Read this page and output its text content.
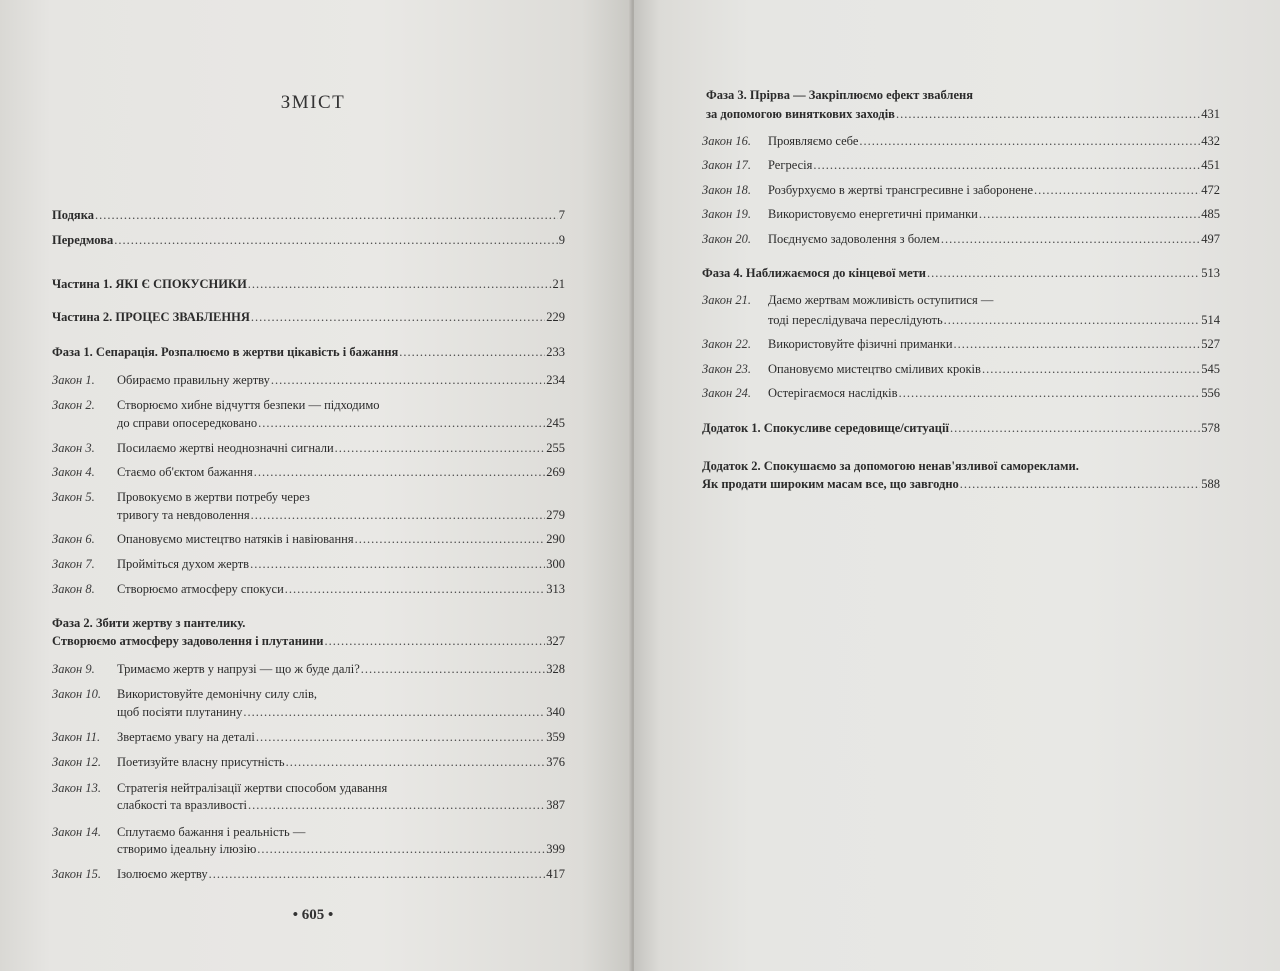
ЗМІСТ
Подяка .....	7
Передмова .....	9
Частина 1. ЯКІ Є СПОКУСНИКИ .....	21
Частина 2. ПРОЦЕС ЗВАБЛЕННЯ .....	229
Фаза 1. Сепарація. Розпалюємо в жертви цікавість і бажання .....	233
Закон 1.	Обираємо правильну жертву .....	234
Закон 2.	Створюємо хибне відчуття безпеки — підходимо
до справи опосередковано .....	245
Закон 3.	Посилаємо жертві неоднозначні сигнали .....	255
Закон 4.	Стаємо об'єктом бажання .....	269
Закон 5.	Провокуємо в жертви потребу через
тривогу та невдоволення .....	279
Закон 6.	Опановуємо мистецтво натяків і навіювання .....	290
Закон 7.	Пройміться духом жертв .....	300
Закон 8.	Створюємо атмосферу спокуси .....	313
Фаза 2. Збити жертву з пантелику.
Створюємо атмосферу задоволення і плутанини .....	327
Закон 9.	Тримаємо жертв у напрузі — що ж буде далі? .....	328
Закон 10.	Використовуйте демонічну силу слів,
щоб посіяти плутанину .....	340
Закон 11.	Звертаємо увагу на деталі .....	359
Закон 12.	Поетизуйте власну присутність .....	376
Закон 13.	Стратегія нейтралізації жертви способом удавання
слабкості та вразливості .....	387
Закон 14.	Сплутаємо бажання і реальність —
створимо ідеальну ілюзію .....	399
Закон 15.	Ізолюємо жертву .....	417
• 605 •
Фаза 3. Прірва — Закріплюємо ефект звабленя
за допомогою виняткових заходів .....	431
Закон 16.	Проявляємо себе .....	432
Закон 17.	Регресія .....	451
Закон 18.	Розбурхуємо в жертві трансгресивне і заборонене .....	472
Закон 19.	Використовуємо енергетичні приманки .....	485
Закон 20.	Поєднуємо задоволення з болем .....	497
Фаза 4. Наближаємося до кінцевої мети .....	513
Закон 21.	Даємо жертвам можливість оступитися —
тоді переслідувача переслідують .....	514
Закон 22.	Використовуйте фізичні приманки .....	527
Закон 23.	Опановуємо мистецтво сміливих кроків .....	545
Закон 24.	Остерігаємося наслідків .....	556
Додаток 1. Спокусливе середовище/ситуації .....	578
Додаток 2. Спокушаємо за допомогою ненав'язливої самореклами.
Як продати широким масам все, що завгодно .....	588
